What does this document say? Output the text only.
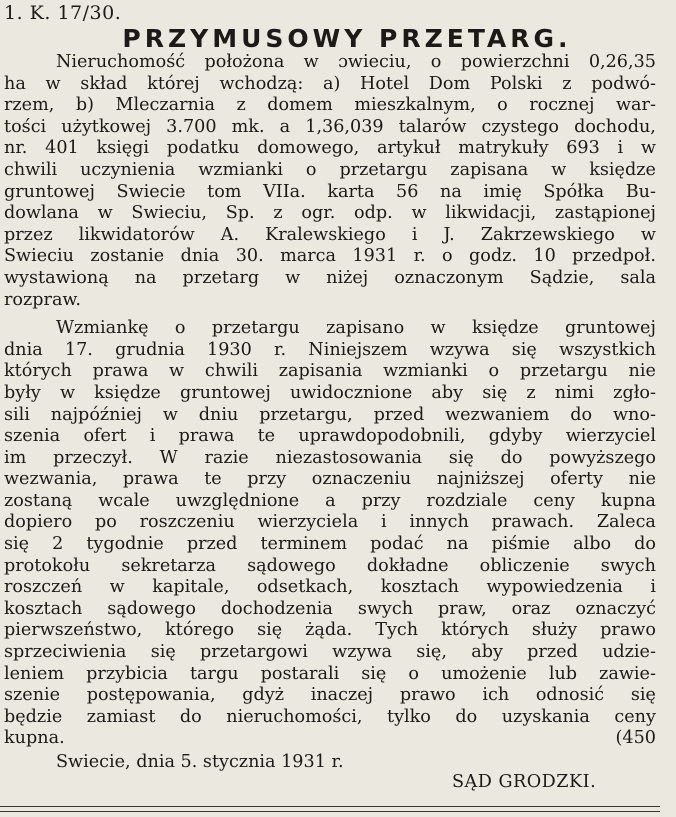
1. K. 17/30.
PRZYMUSOWY PRZETARG.
Nieruchomość położona w ɔwieciu, o powierzchni 0,26,35
ha w skład której wchodzą: a) Hotel Dom Polski z podwó-
rzem, b) Mleczarnia z domem mieszkalnym, o rocznej war-
tości użytkowej 3.700 mk. a 1,36,039 talarów czystego dochodu,
nr. 401 księgi podatku domowego, artykuł matrykuły 693 i w
chwili uczynienia wzmianki o przetargu zapisana w księdze
gruntowej Swiecie tom VIIa. karta 56 na imię Spółka Bu-
dowlana w Swieciu, Sp. z ogr. odp. w likwidacji, zastąpionej
przez likwidatorów A. Kralewskiego i J. Zakrzewskiego w
Swieciu zostanie dnia 30. marca 1931 r. o godz. 10 przedpoł.
wystawioną na przetarg w niżej oznaczonym Sądzie, sala
rozpraw.
Wzmiankę o przetargu zapisano w księdze gruntowej
dnia 17. grudnia 1930 r. Niniejszem wzywa się wszystkich
których prawa w chwili zapisania wzmianki o przetargu nie
były w księdze gruntowej uwidocznione aby się z nimi zgło-
sili najpóźniej w dniu przetargu, przed wezwaniem do wno-
szenia ofert i prawa te uprawdopodobnili, gdyby wierzyciel
im przeczył. W razie niezastosowania się do powyższego
wezwania, prawa te przy oznaczeniu najniższej oferty nie
zostaną wcale uwzględnione a przy rozdziale ceny kupna
dopiero po roszczeniu wierzyciela i innych prawach. Zaleca
się 2 tygodnie przed terminem podać na piśmie albo do
protokołu sekretarza sądowego dokładne obliczenie swych
roszczeń w kapitale, odsetkach, kosztach wypowiedzenia i
kosztach sądowego dochodzenia swych praw, oraz oznaczyć
pierwszeństwo, którego się żąda. Tych których służy prawo
sprzeciwienia się przetargowi wzywa się, aby przed udzie-
leniem przybicia targu postarali się o umożenie lub zawie-
szenie postępowania, gdyż inaczej prawo ich odnosić się
będzie zamiast do nieruchomości, tylko do uzyskania ceny
kupna.	(450
Swiecie, dnia 5. stycznia 1931 r.
SĄD GRODZKI.
